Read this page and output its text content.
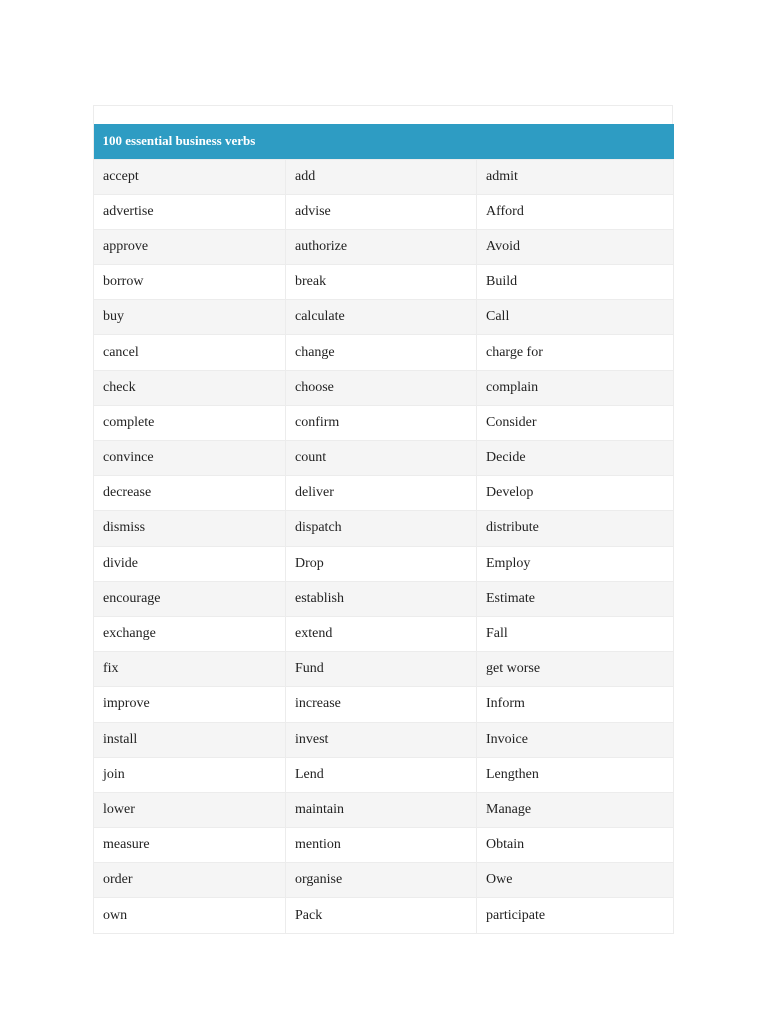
100 essential business verbs		
accept	add	admit
advertise	advise	Afford
approve	authorize	Avoid
borrow	break	Build
buy	calculate	Call
cancel	change	charge for
check	choose	complain
complete	confirm	Consider
convince	count	Decide
decrease	deliver	Develop
dismiss	dispatch	distribute
divide	Drop	Employ
encourage	establish	Estimate
exchange	extend	Fall
fix	Fund	get worse
improve	increase	Inform
install	invest	Invoice
join	Lend	Lengthen
lower	maintain	Manage
measure	mention	Obtain
order	organise	Owe
own	Pack	participate
